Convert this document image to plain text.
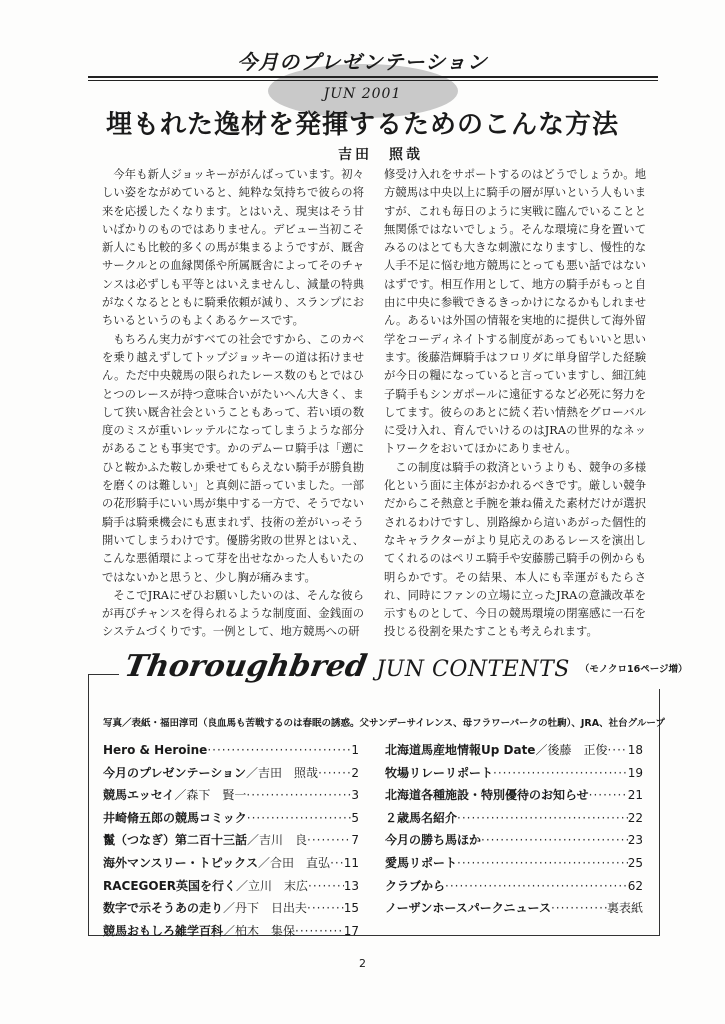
今月のプレゼンテーション
JUN 2001
埋もれた逸材を発揮するためのこんな方法
吉田　照哉

今年も新人ジョッキーががんばっています。初々しい姿をながめていると、純粋な気持ちで彼らの将来を応援したくなります。とはいえ、現実はそう甘いばかりのものではありません。デビュー当初こそ新人にも比較的多くの馬が集まるようですが、厩舎サークルとの血縁関係や所属厩舎によってそのチャンスは必ずしも平等とはいえませんし、減量の特典がなくなるとともに騎乗依頼が減り、スランプにおちいるというのもよくあるケースです。

もちろん実力がすべての社会ですから、このカベを乗り越えずしてトップジョッキーの道は拓けません。ただ中央競馬の限られたレース数のもとではひとつのレースが持つ意味合いがたいへん大きく、まして狭い厩舎社会ということもあって、若い頃の数度のミスが重いレッテルになってしまうような部分があることも事実です。かのデムーロ騎手は「遡にひと鞍かふた鞍しか乗せてもらえない騎手が勝負勘を磨くのは難しい」と真剣に語っていました。一部の花形騎手にいい馬が集中する一方で、そうでない騎手は騎乗機会にも恵まれず、技術の差がいっそう開いてしまうわけです。優勝劣敗の世界とはいえ、こんな悪循環によって芽を出せなかった人もいたのではないかと思うと、少し胸が痛みます。

そこでJRAにぜひお願いしたいのは、そんな彼らが再びチャンスを得られるような制度面、金銭面のシステムづくりです。一例として、地方競馬への研

修受け入れをサポートするのはどうでしょうか。地方競馬は中央以上に騎手の層が厚いという人もいますが、これも毎日のように実戦に臨んでいることと無関係ではないでしょう。そんな環境に身を置いてみるのはとても大きな刺激になりますし、慢性的な人手不足に悩む地方競馬にとっても悪い話ではないはずです。相互作用として、地方の騎手がもっと自由に中央に参戦できるきっかけになるかもしれません。あるいは外国の情報を実地的に提供して海外留学をコーディネイトする制度があってもいいと思います。後藤浩輝騎手はフロリダに単身留学した経験が今日の糧になっていると言っていますし、細江純子騎手もシンガポールに遠征するなど必死に努力をしてます。彼らのあとに続く若い情熱をグローバルに受け入れ、育んでいけるのはJRAの世界的なネットワークをおいてほかにありません。

この制度は騎手の救済というよりも、競争の多様化という面に主体がおかれるべきです。厳しい競争だからこそ熱意と手腕を兼ね備えた素材だけが選択されるわけですし、別路線から這いあがった個性的なキャラクターがより見応えのあるレースを演出してくれるのはペリエ騎手や安藤勝己騎手の例からも明らかです。その結果、本人にも幸運がもたらされ、同時にファンの立場に立ったJRAの意識改革を示すものとして、今日の競馬環境の閉塞感に一石を投じる役割を果たすことも考えられます。

Thoroughbred JUN CONTENTS （モノクロ16ページ増）
写真／表紙・福田淳司（良血馬も苦戦するのは春眠の誘惑。父サンデーサイレンス、母フラワーパークの牡駒）、JRA、社台グループ
Hero & Heroine ·····	1
今月のプレゼンテーション ／吉田　照哉 ·····	2
競馬エッセイ ／森下　賢一 ·····	3
井崎脩五郎の競馬コミック ·····	5
鬣（つなぎ）第二百十三話 ／吉川　良 ·····	7
海外マンスリー・トピックス ／合田　直弘 ····· 11
RACEGOER英国を行く ／立川　末広 ·····	13
数字で示そうあの走り ／丹下　日出夫 ·····	15
競馬おもしろ雑学百科 ／柏木　集保 ·····	17
北海道馬産地情報Up Date ／後藤　正俊 ····· 18
牧場リレーリポート ·····	19
北海道各種施設・特別優待のお知らせ ·····	21
２歳馬名紹介 ·····	22
今月の勝ち馬ほか ·····	23
愛馬リポート ·····	25
クラブから ·····	62
ノーザンホースパークニュース ·····	裏表紙
2
